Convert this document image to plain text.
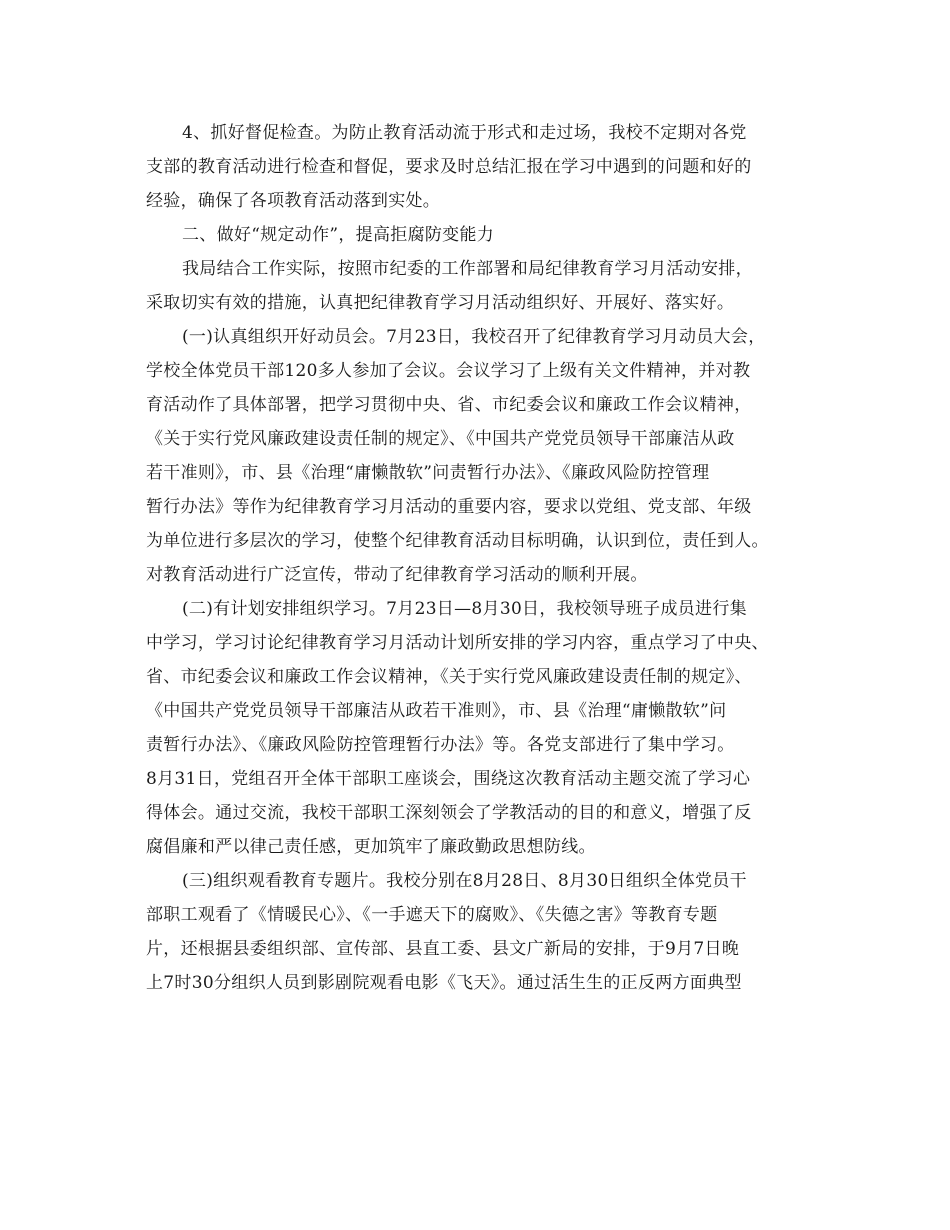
4、抓好督促检查。为防止教育活动流于形式和走过场，我校不定期对各党
支部的教育活动进行检查和督促，要求及时总结汇报在学习中遇到的问题和好的
经验，确保了各项教育活动落到实处。
二、做好“规定动作”，提高拒腐防变能力
我局结合工作实际，按照市纪委的工作部署和局纪律教育学习月活动安排，
采取切实有效的措施，认真把纪律教育学习月活动组织好、开展好、落实好。
(一)认真组织开好动员会。7月23日，我校召开了纪律教育学习月动员大会，
学校全体党员干部120多人参加了会议。会议学习了上级有关文件精神，并对教
育活动作了具体部署，把学习贯彻中央、省、市纪委会议和廉政工作会议精神，
《关于实行党风廉政建设责任制的规定》、《中国共产党党员领导干部廉洁从政
若干准则》，市、县《治理“庸懒散软”问责暂行办法》、《廉政风险防控管理
暂行办法》等作为纪律教育学习月活动的重要内容，要求以党组、党支部、年级
为单位进行多层次的学习，使整个纪律教育活动目标明确，认识到位，责任到人。
对教育活动进行广泛宣传，带动了纪律教育学习活动的顺利开展。
(二)有计划安排组织学习。7月23日—8月30日，我校领导班子成员进行集
中学习，学习讨论纪律教育学习月活动计划所安排的学习内容，重点学习了中央、
省、市纪委会议和廉政工作会议精神，《关于实行党风廉政建设责任制的规定》、
《中国共产党党员领导干部廉洁从政若干准则》，市、县《治理“庸懒散软”问
责暂行办法》、《廉政风险防控管理暂行办法》等。各党支部进行了集中学习。
8月31日，党组召开全体干部职工座谈会，围绕这次教育活动主题交流了学习心
得体会。通过交流，我校干部职工深刻领会了学教活动的目的和意义，增强了反
腐倡廉和严以律己责任感，更加筑牢了廉政勤政思想防线。
(三)组织观看教育专题片。我校分别在8月28日、8月30日组织全体党员干
部职工观看了《情暖民心》、《一手遮天下的腐败》、《失德之害》等教育专题
片，还根据县委组织部、宣传部、县直工委、县文广新局的安排，于9月7日晚
上7时30分组织人员到影剧院观看电影《飞天》。通过活生生的正反两方面典型
